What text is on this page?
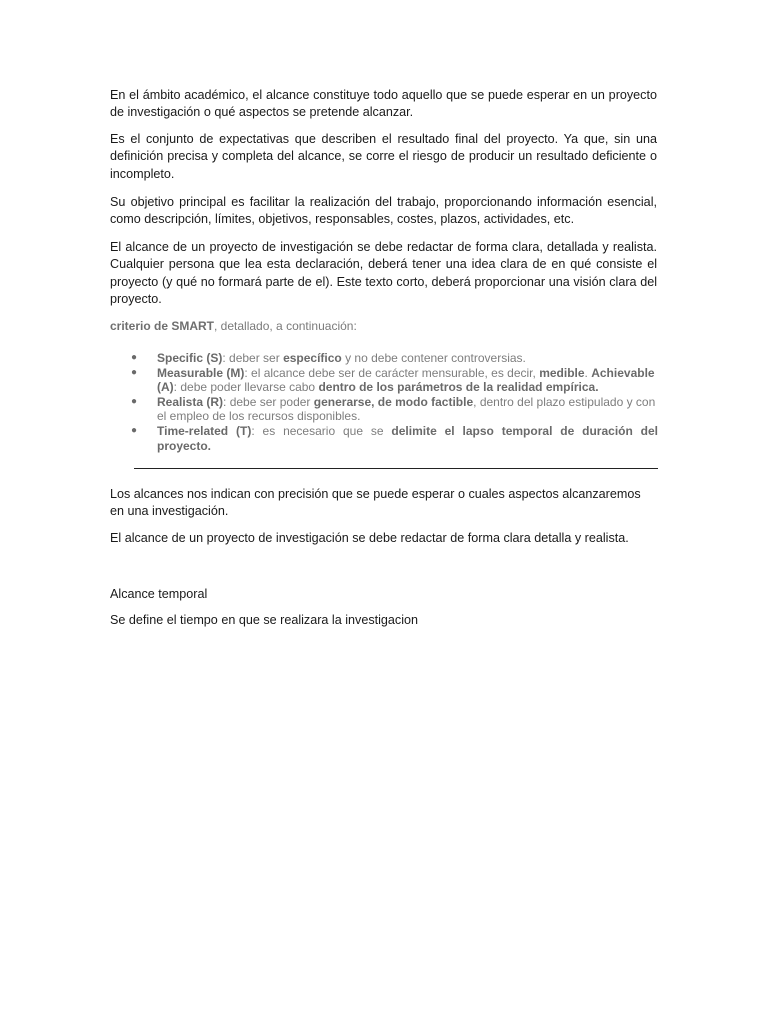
En el ámbito académico, el alcance constituye todo aquello que se puede esperar en un proyecto de investigación o qué aspectos se pretende alcanzar.

Es el conjunto de expectativas que describen el resultado final del proyecto. Ya que, sin una definición precisa y completa del alcance, se corre el riesgo de producir un resultado deficiente o incompleto.

Su objetivo principal es facilitar la realización del trabajo, proporcionando información esencial, como descripción, límites, objetivos, responsables, costes, plazos, actividades, etc.

El alcance de un proyecto de investigación se debe redactar de forma clara, detallada y realista. Cualquier persona que lea esta declaración, deberá tener una idea clara de en qué consiste el proyecto (y qué no formará parte de el). Este texto corto, deberá proporcionar una visión clara del proyecto.

criterio de SMART, detallado, a continuación:

● Specific (S): deber ser específico y no debe contener controversias.
● Measurable (M): el alcance debe ser de carácter mensurable, es decir, medible. Achievable (A): debe poder llevarse cabo dentro de los parámetros de la realidad empírica.
● Realista (R): debe ser poder generarse, de modo factible, dentro del plazo estipulado y con el empleo de los recursos disponibles.
● Time-related (T): es necesario que se delimite el lapso temporal de duración del proyecto.

Los alcances nos indican con precisión que se puede esperar o cuales aspectos alcanzaremos en una investigación.

El alcance de un proyecto de investigación se debe redactar de forma clara detalla y realista.

Alcance temporal

Se define el tiempo en que se realizara la investigacion
